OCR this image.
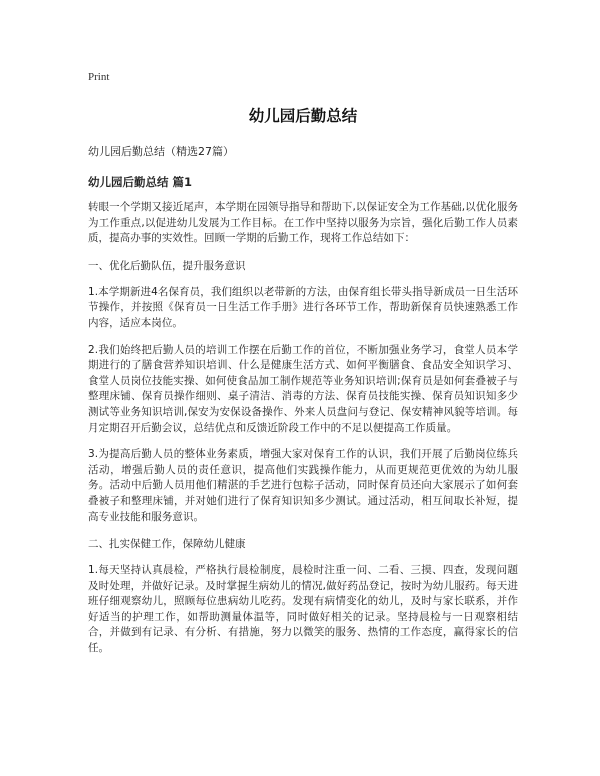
Print
幼儿园后勤总结
幼儿园后勤总结（精选27篇）
幼儿园后勤总结 篇1
转眼一个学期又接近尾声，本学期在园领导指导和帮助下,以保证安全为工作基础,以优化服务为工作重点,以促进幼儿发展为工作目标。在工作中坚持以服务为宗旨，强化后勤工作人员素质，提高办事的实效性。回顾一学期的后勤工作，现将工作总结如下：
一、优化后勤队伍，提升服务意识
1.本学期新进4名保育员，我们组织以老带新的方法，由保育组长带头指导新成员一日生活环节操作，并按照《保育员一日生活工作手册》进行各环节工作，帮助新保育员快速熟悉工作内容，适应本岗位。
2.我们始终把后勤人员的培训工作摆在后勤工作的首位，不断加强业务学习，食堂人员本学期进行的了膳食营养知识培训、什么是健康生活方式、如何平衡膳食、食品安全知识学习、食堂人员岗位技能实操、如何使食品加工制作规范等业务知识培训;保育员是如何套叠被子与整理床铺、保育员操作细则、桌子清洁、消毒的方法、保育员技能实操、保育员知识知多少测试等业务知识培训,保安为安保设备操作、外来人员盘问与登记、保安精神风貌等培训。每月定期召开后勤会议，总结优点和反馈近阶段工作中的不足以便提高工作质量。
3.为提高后勤人员的整体业务素质，增强大家对保育工作的认识，我们开展了后勤岗位练兵活动，增强后勤人员的责任意识，提高他们实践操作能力，从而更规范更优效的为幼儿服务。活动中后勤人员用他们精湛的手艺进行包粽子活动，同时保育员还向大家展示了如何套叠被子和整理床铺，并对她们进行了保育知识知多少测试。通过活动，相互间取长补短，提高专业技能和服务意识。
二、扎实保健工作，保障幼儿健康
1.每天坚持认真晨检，严格执行晨检制度，晨检时注重一问、二看、三摸、四查，发现问题及时处理，并做好记录。及时掌握生病幼儿的情况,做好药品登记，按时为幼儿服药。每天进班仔细观察幼儿，照顾每位患病幼儿吃药。发现有病情变化的幼儿，及时与家长联系，并作好适当的护理工作，如帮助测量体温等，同时做好相关的记录。坚持晨检与一日观察相结合，并做到有记录、有分析、有措施，努力以微笑的服务、热情的工作态度，赢得家长的信任。
